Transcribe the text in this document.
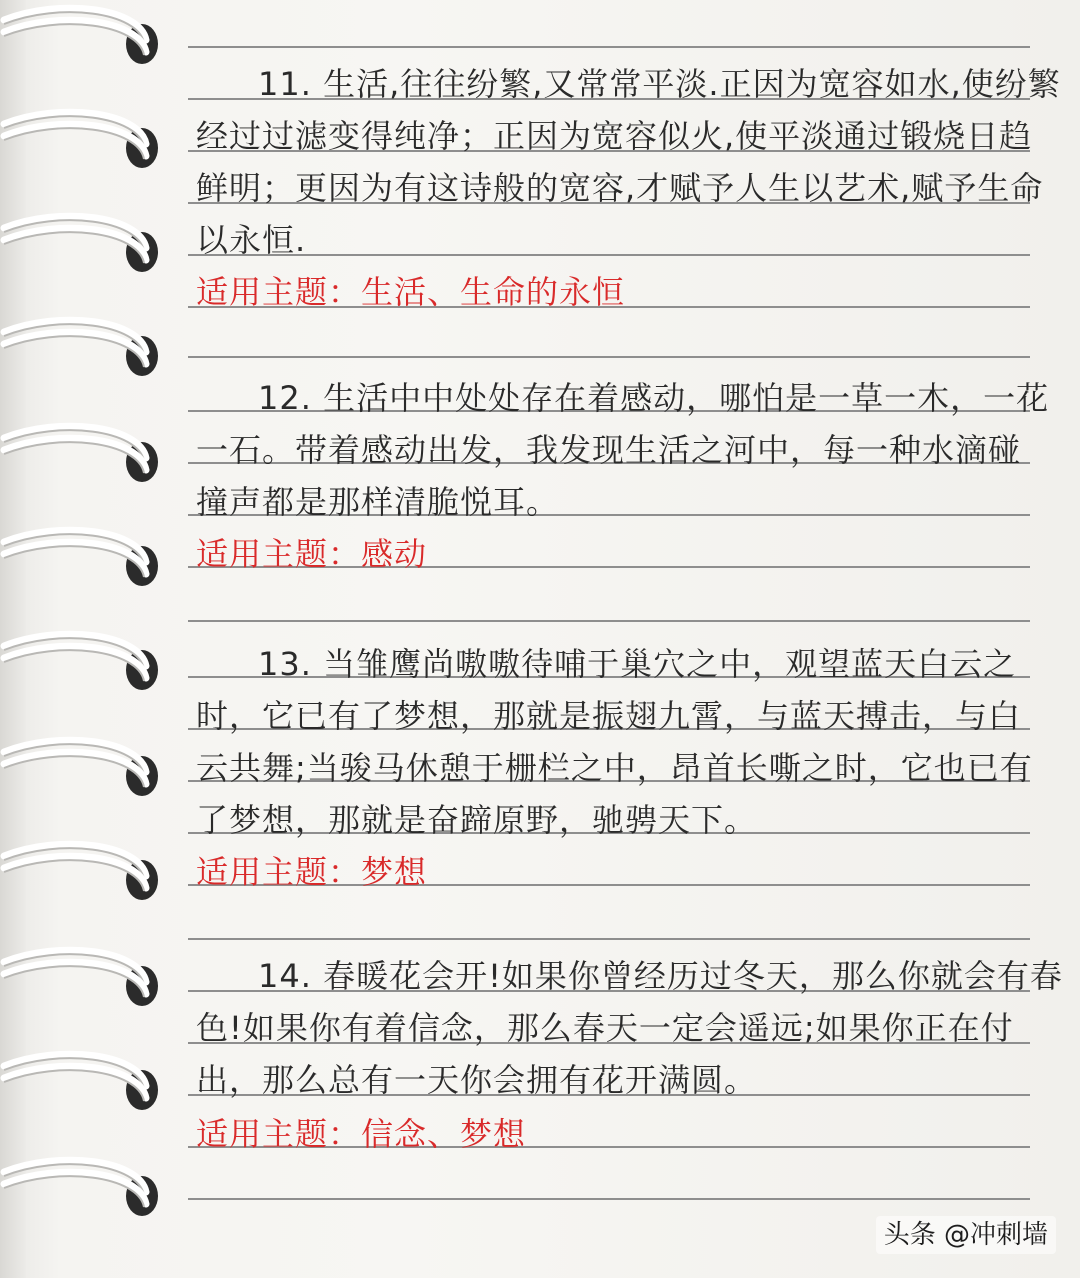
11. 生活,往往纷繁,又常常平淡.正因为宽容如水,使纷繁
经过过滤变得纯净；正因为宽容似火,使平淡通过锻烧日趋
鲜明；更因为有这诗般的宽容,才赋予人生以艺术,赋予生命
以永恒.
适用主题：生活、生命的永恒
12. 生活中中处处存在着感动，哪怕是一草一木，一花
一石。带着感动出发，我发现生活之河中，每一种水滴碰
撞声都是那样清脆悦耳。
适用主题：感动
13. 当雏鹰尚嗷嗷待哺于巢穴之中，观望蓝天白云之
时，它已有了梦想，那就是振翅九霄，与蓝天搏击，与白
云共舞;当骏马休憩于栅栏之中，昂首长嘶之时，它也已有
了梦想，那就是奋蹄原野，驰骋天下。
适用主题：梦想
14. 春暖花会开!如果你曾经历过冬天，那么你就会有春
色!如果你有着信念，那么春天一定会遥远;如果你正在付
出，那么总有一天你会拥有花开满圆。
适用主题：信念、梦想
头条 @冲刺墙
